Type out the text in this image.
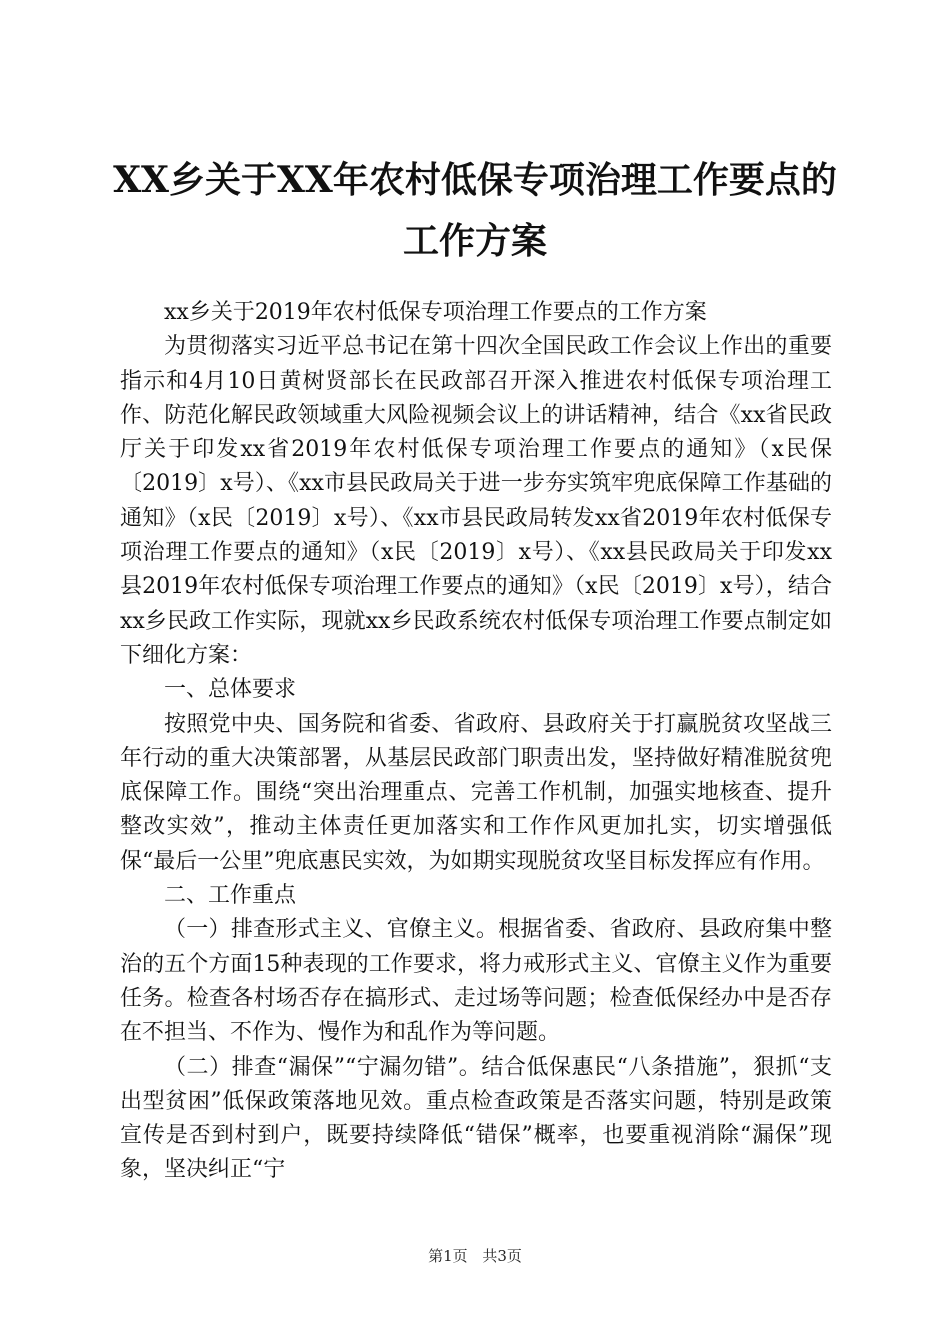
XX乡关于XX年农村低保专项治理工作要点的
工作方案

xx乡关于2019年农村低保专项治理工作要点的工作方案

为贯彻落实习近平总书记在第十四次全国民政工作会议上作出的重要指示和4月10日黄树贤部长在民政部召开深入推进农村低保专项治理工作、防范化解民政领域重大风险视频会议上的讲话精神，结合《xx省民政厅关于印发xx省2019年农村低保专项治理工作要点的通知》（x民保〔2019〕x号）、《xx市县民政局关于进一步夯实筑牢兜底保障工作基础的通知》（x民〔2019〕x号）、《xx市县民政局转发xx省2019年农村低保专项治理工作要点的通知》（x民〔2019〕x号）、《xx县民政局关于印发xx县2019年农村低保专项治理工作要点的通知》（x民〔2019〕x号），结合xx乡民政工作实际，现就xx乡民政系统农村低保专项治理工作要点制定如下细化方案：

一、总体要求

按照党中央、国务院和省委、省政府、县政府关于打赢脱贫攻坚战三年行动的重大决策部署，从基层民政部门职责出发，坚持做好精准脱贫兜底保障工作。围绕“突出治理重点、完善工作机制，加强实地核查、提升整改实效”，推动主体责任更加落实和工作作风更加扎实，切实增强低保“最后一公里”兜底惠民实效，为如期实现脱贫攻坚目标发挥应有作用。

二、工作重点

（一）排查形式主义、官僚主义。根据省委、省政府、县政府集中整治的五个方面15种表现的工作要求，将力戒形式主义、官僚主义作为重要任务。检查各村场否存在搞形式、走过场等问题；检查低保经办中是否存在不担当、不作为、慢作为和乱作为等问题。

（二）排查“漏保”“宁漏勿错”。结合低保惠民“八条措施”，狠抓“支出型贫困”低保政策落地见效。重点检查政策是否落实问题，特别是政策宣传是否到村到户，既要持续降低“错保”概率，也要重视消除“漏保”现象，坚决纠正“宁

第1页 共3页
